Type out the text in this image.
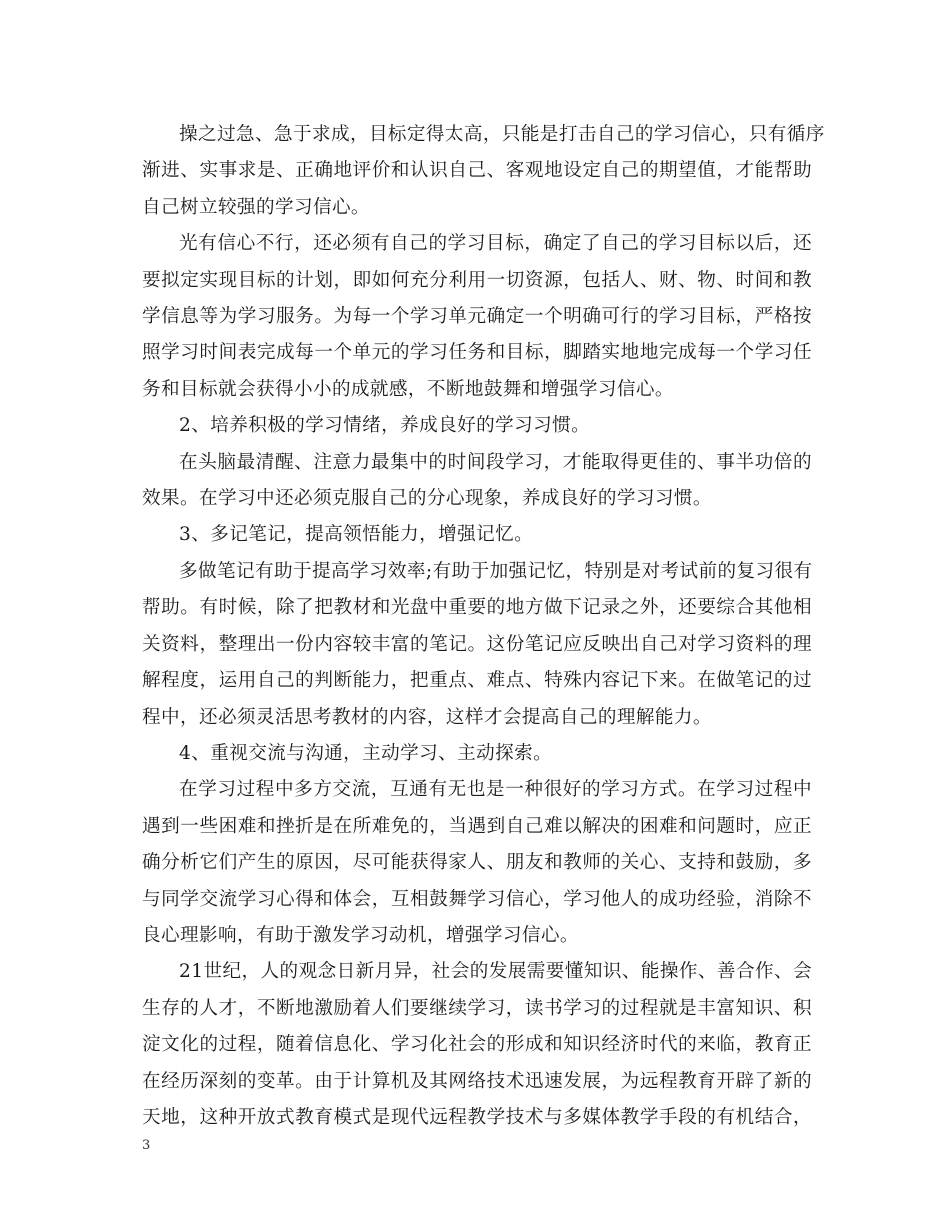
操之过急、急于求成，目标定得太高，只能是打击自己的学习信心，只有循序
渐进、实事求是、正确地评价和认识自己、客观地设定自己的期望值，才能帮助
自己树立较强的学习信心。

光有信心不行，还必须有自己的学习目标，确定了自己的学习目标以后，还
要拟定实现目标的计划，即如何充分利用一切资源，包括人、财、物、时间和教
学信息等为学习服务。为每一个学习单元确定一个明确可行的学习目标，严格按
照学习时间表完成每一个单元的学习任务和目标，脚踏实地地完成每一个学习任
务和目标就会获得小小的成就感，不断地鼓舞和增强学习信心。

2、培养积极的学习情绪，养成良好的学习习惯。

在头脑最清醒、注意力最集中的时间段学习，才能取得更佳的、事半功倍的
效果。在学习中还必须克服自己的分心现象，养成良好的学习习惯。

3、多记笔记，提高领悟能力，增强记忆。

多做笔记有助于提高学习效率;有助于加强记忆，特别是对考试前的复习很有
帮助。有时候，除了把教材和光盘中重要的地方做下记录之外，还要综合其他相
关资料，整理出一份内容较丰富的笔记。这份笔记应反映出自己对学习资料的理
解程度，运用自己的判断能力，把重点、难点、特殊内容记下来。在做笔记的过
程中，还必须灵活思考教材的内容，这样才会提高自己的理解能力。

4、重视交流与沟通，主动学习、主动探索。

在学习过程中多方交流，互通有无也是一种很好的学习方式。在学习过程中
遇到一些困难和挫折是在所难免的，当遇到自己难以解决的困难和问题时，应正
确分析它们产生的原因，尽可能获得家人、朋友和教师的关心、支持和鼓励，多
与同学交流学习心得和体会，互相鼓舞学习信心，学习他人的成功经验，消除不
良心理影响，有助于激发学习动机，增强学习信心。

21世纪，人的观念日新月异，社会的发展需要懂知识、能操作、善合作、会
生存的人才，不断地激励着人们要继续学习，读书学习的过程就是丰富知识、积
淀文化的过程，随着信息化、学习化社会的形成和知识经济时代的来临，教育正
在经历深刻的变革。由于计算机及其网络技术迅速发展，为远程教育开辟了新的
天地，这种开放式教育模式是现代远程教学技术与多媒体教学手段的有机结合，

3
